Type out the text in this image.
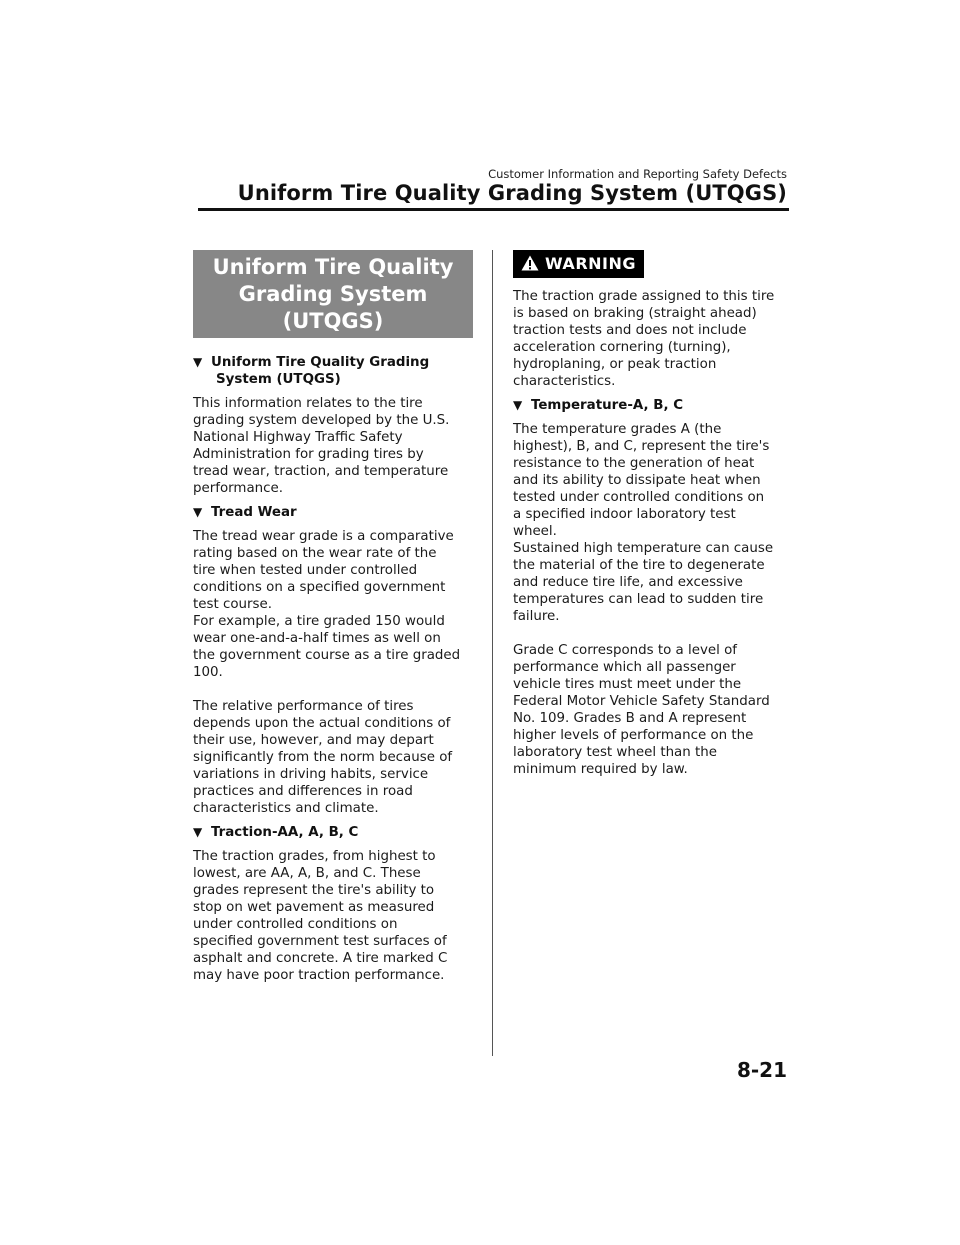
Customer Information and Reporting Safety Defects
Uniform Tire Quality Grading System (UTQGS)
Uniform Tire Quality
Grading System (UTQGS)
▼ Uniform Tire Quality Grading
System (UTQGS)
This information relates to the tire
grading system developed by the U.S.
National Highway Traffic Safety
Administration for grading tires by
tread wear, traction, and temperature
performance.
▼ Tread Wear
The tread wear grade is a comparative
rating based on the wear rate of the
tire when tested under controlled
conditions on a specified government
test course.
For example, a tire graded 150 would
wear one-and-a-half times as well on
the government course as a tire graded
100.
The relative performance of tires
depends upon the actual conditions of
their use, however, and may depart
significantly from the norm because of
variations in driving habits, service
practices and differences in road
characteristics and climate.
▼ Traction-AA, A, B, C
The traction grades, from highest to
lowest, are AA, A, B, and C. These
grades represent the tire's ability to
stop on wet pavement as measured
under controlled conditions on
specified government test surfaces of
asphalt and concrete. A tire marked C
may have poor traction performance.
WARNING
The traction grade assigned to this tire
is based on braking (straight ahead)
traction tests and does not include
acceleration cornering (turning),
hydroplaning, or peak traction
characteristics.
▼ Temperature-A, B, C
The temperature grades A (the
highest), B, and C, represent the tire's
resistance to the generation of heat
and its ability to dissipate heat when
tested under controlled conditions on
a specified indoor laboratory test
wheel.
Sustained high temperature can cause
the material of the tire to degenerate
and reduce tire life, and excessive
temperatures can lead to sudden tire
failure.
Grade C corresponds to a level of
performance which all passenger
vehicle tires must meet under the
Federal Motor Vehicle Safety Standard
No. 109. Grades B and A represent
higher levels of performance on the
laboratory test wheel than the
minimum required by law.
8-21
